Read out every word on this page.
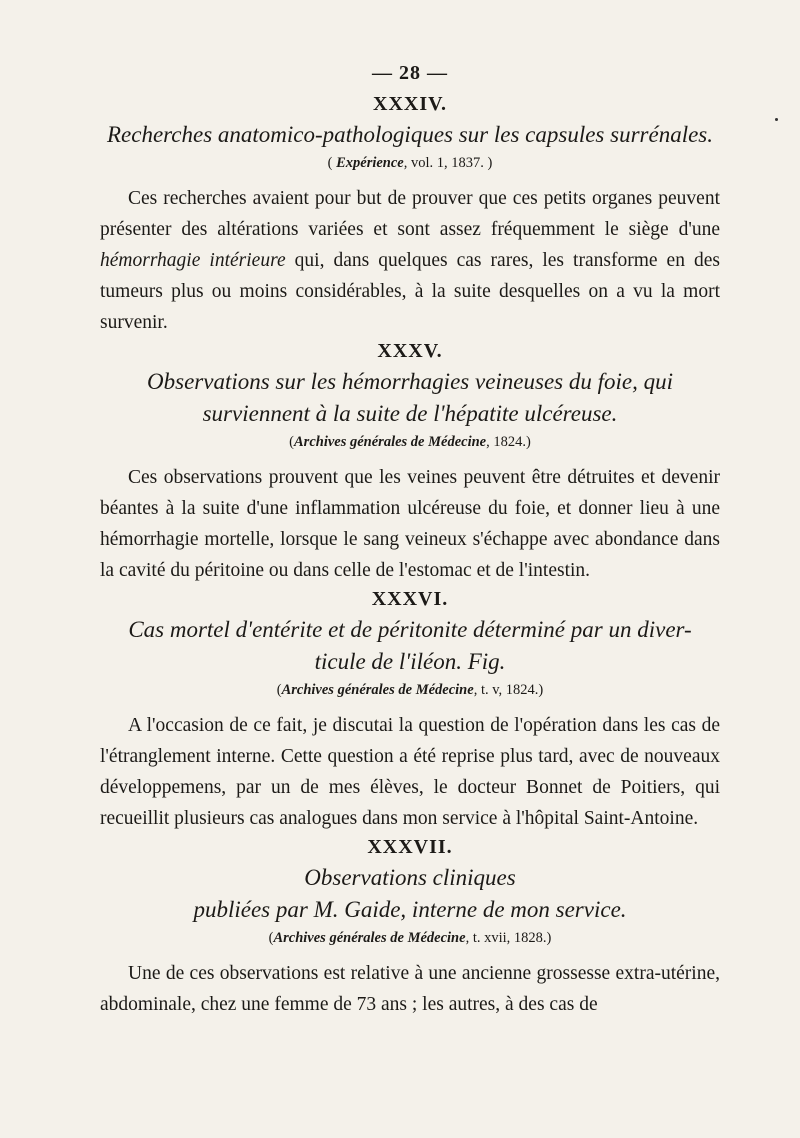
— 28 —
XXXIV.
Recherches anatomico-pathologiques sur les capsules surrénales.
( Expérience, vol. 1, 1837. )

Ces recherches avaient pour but de prouver que ces petits organes peuvent présenter des altérations variées et sont assez fréquemment le siège d'une hémorrhagie intérieure qui, dans quelques cas rares, les transforme en des tumeurs plus ou moins considérables, à la suite desquelles on a vu la mort survenir.

XXXV.
Observations sur les hémorrhagies veineuses du foie, qui
surviennent à la suite de l'hépatite ulcéreuse.
(Archives générales de Médecine, 1824.)

Ces observations prouvent que les veines peuvent être détruites et devenir béantes à la suite d'une inflammation ulcéreuse du foie, et donner lieu à une hémorrhagie mortelle, lorsque le sang veineux s'échappe avec abondance dans la cavité du péritoine ou dans celle de l'estomac et de l'intestin.

XXXVI.
Cas mortel d'entérite et de péritonite déterminé par un diver-
ticule de l'iléon. Fig.
(Archives générales de Médecine, t. v, 1824.)

A l'occasion de ce fait, je discutai la question de l'opération dans les cas de l'étranglement interne. Cette question a été reprise plus tard, avec de nouveaux développemens, par un de mes élèves, le docteur Bonnet de Poitiers, qui recueillit plusieurs cas analogues dans mon service à l'hôpital Saint-Antoine.

XXXVII.
Observations cliniques
publiées par M. Gaide, interne de mon service.
(Archives générales de Médecine, t. xvii, 1828.)

Une de ces observations est relative à une ancienne grossesse extra-utérine, abdominale, chez une femme de 73 ans ; les autres, à des cas de
